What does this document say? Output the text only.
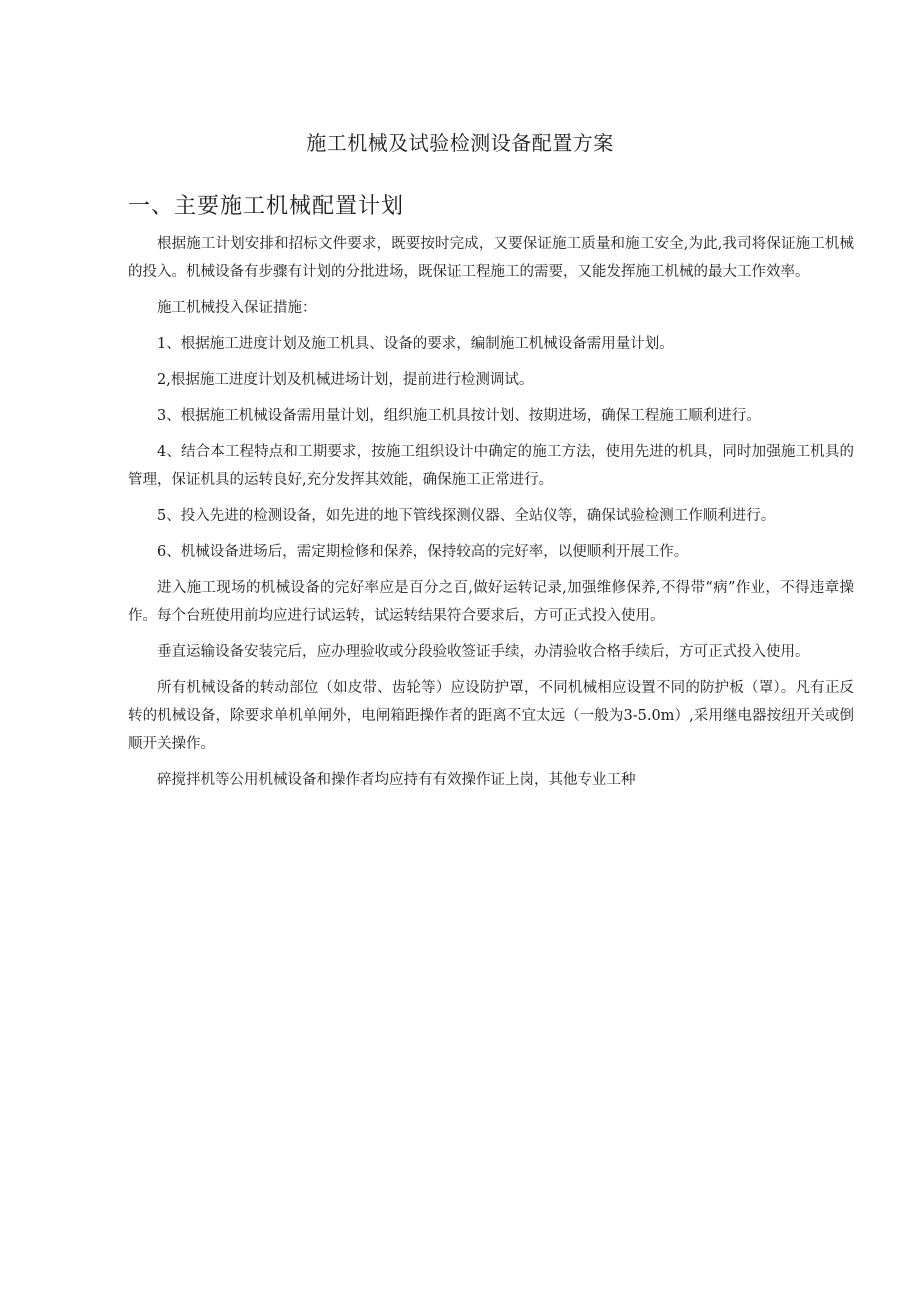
施工机械及试验检测设备配置方案
一、主要施工机械配置计划

根据施工计划安排和招标文件要求，既要按时完成，又要保证施工质量和施工安全,为此,我司将保证施工机械的投入。机械设备有步骤有计划的分批进场，既保证工程施工的需要，又能发挥施工机械的最大工作效率。

施工机械投入保证措施：

1、根据施工进度计划及施工机具、设备的要求，编制施工机械设备需用量计划。

2,根据施工进度计划及机械进场计划，提前进行检测调试。

3、根据施工机械设备需用量计划，组织施工机具按计划、按期进场，确保工程施工顺利进行。

4、结合本工程特点和工期要求，按施工组织设计中确定的施工方法，使用先进的机具，同时加强施工机具的管理，保证机具的运转良好,充分发挥其效能，确保施工正常进行。

5、投入先进的检测设备，如先进的地下管线探测仪器、全站仪等，确保试验检测工作顺利进行。

6、机械设备进场后，需定期检修和保养，保持较高的完好率，以便顺利开展工作。

进入施工现场的机械设备的完好率应是百分之百,做好运转记录,加强维修保养,不得带“病”作业，不得违章操作。每个台班使用前均应进行试运转，试运转结果符合要求后，方可正式投入使用。

垂直运输设备安装完后，应办理验收或分段验收签证手续，办清验收合格手续后，方可正式投入使用。

所有机械设备的转动部位（如皮带、齿轮等）应设防护罩，不同机械相应设置不同的防护板（罩）。凡有正反转的机械设备，除要求单机单闸外，电闸箱距操作者的距离不宜太远（一般为3-5.0m）,采用继电器按纽开关或倒顺开关操作。

碎搅拌机等公用机械设备和操作者均应持有有效操作证上岗，其他专业工种
